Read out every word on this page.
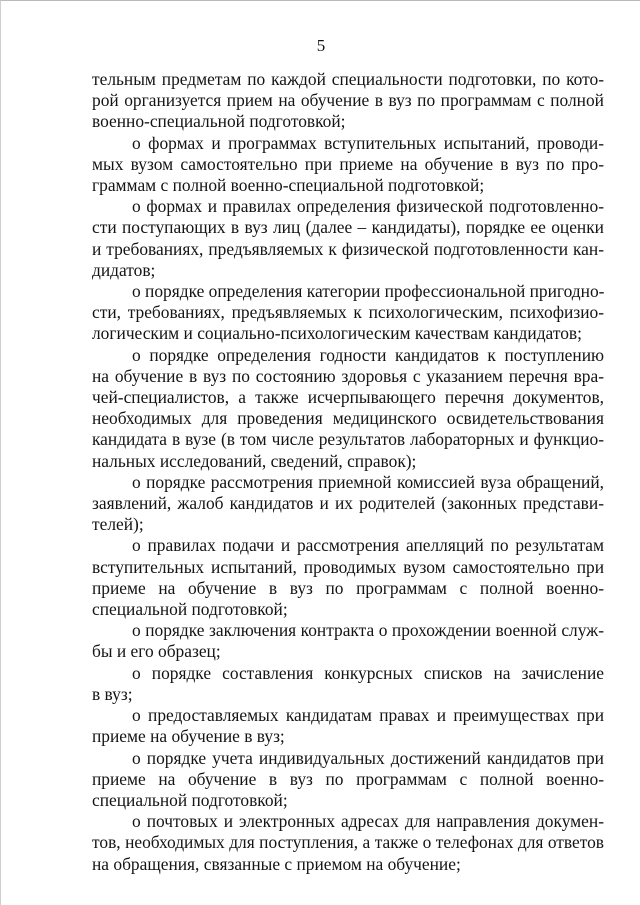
5

тельным предметам по каждой специальности подготовки, по кото-
рой организуется прием на обучение в вуз по программам с полной
военно-специальной подготовкой;

о формах и программах вступительных испытаний, проводи-
мых вузом самостоятельно при приеме на обучение в вуз по про-
граммам с полной военно-специальной подготовкой;

о формах и правилах определения физической подготовленно-
сти поступающих в вуз лиц (далее – кандидаты), порядке ее оценки
и требованиях, предъявляемых к физической подготовленности кан-
дидатов;

о порядке определения категории профессиональной пригодно-
сти, требованиях, предъявляемых к психологическим, психофизио-
логическим и социально-психологическим качествам кандидатов;

о порядке определения годности кандидатов к поступлению
на обучение в вуз по состоянию здоровья с указанием перечня вра-
чей-специалистов, а также исчерпывающего перечня документов,
необходимых для проведения медицинского освидетельствования
кандидата в вузе (в том числе результатов лабораторных и функцио-
нальных исследований, сведений, справок);

о порядке рассмотрения приемной комиссией вуза обращений,
заявлений, жалоб кандидатов и их родителей (законных представи-
телей);

о правилах подачи и рассмотрения апелляций по результатам
вступительных испытаний, проводимых вузом самостоятельно при
приеме на обучение в вуз по программам с полной военно-
специальной подготовкой;

о порядке заключения контракта о прохождении военной служ-
бы и его образец;

о порядке составления конкурсных списков на зачисление
в вуз;

о предоставляемых кандидатам правах и преимуществах при
приеме на обучение в вуз;

о порядке учета индивидуальных достижений кандидатов при
приеме на обучение в вуз по программам с полной военно-
специальной подготовкой;

о почтовых и электронных адресах для направления докумен-
тов, необходимых для поступления, а также о телефонах для ответов
на обращения, связанные с приемом на обучение;
